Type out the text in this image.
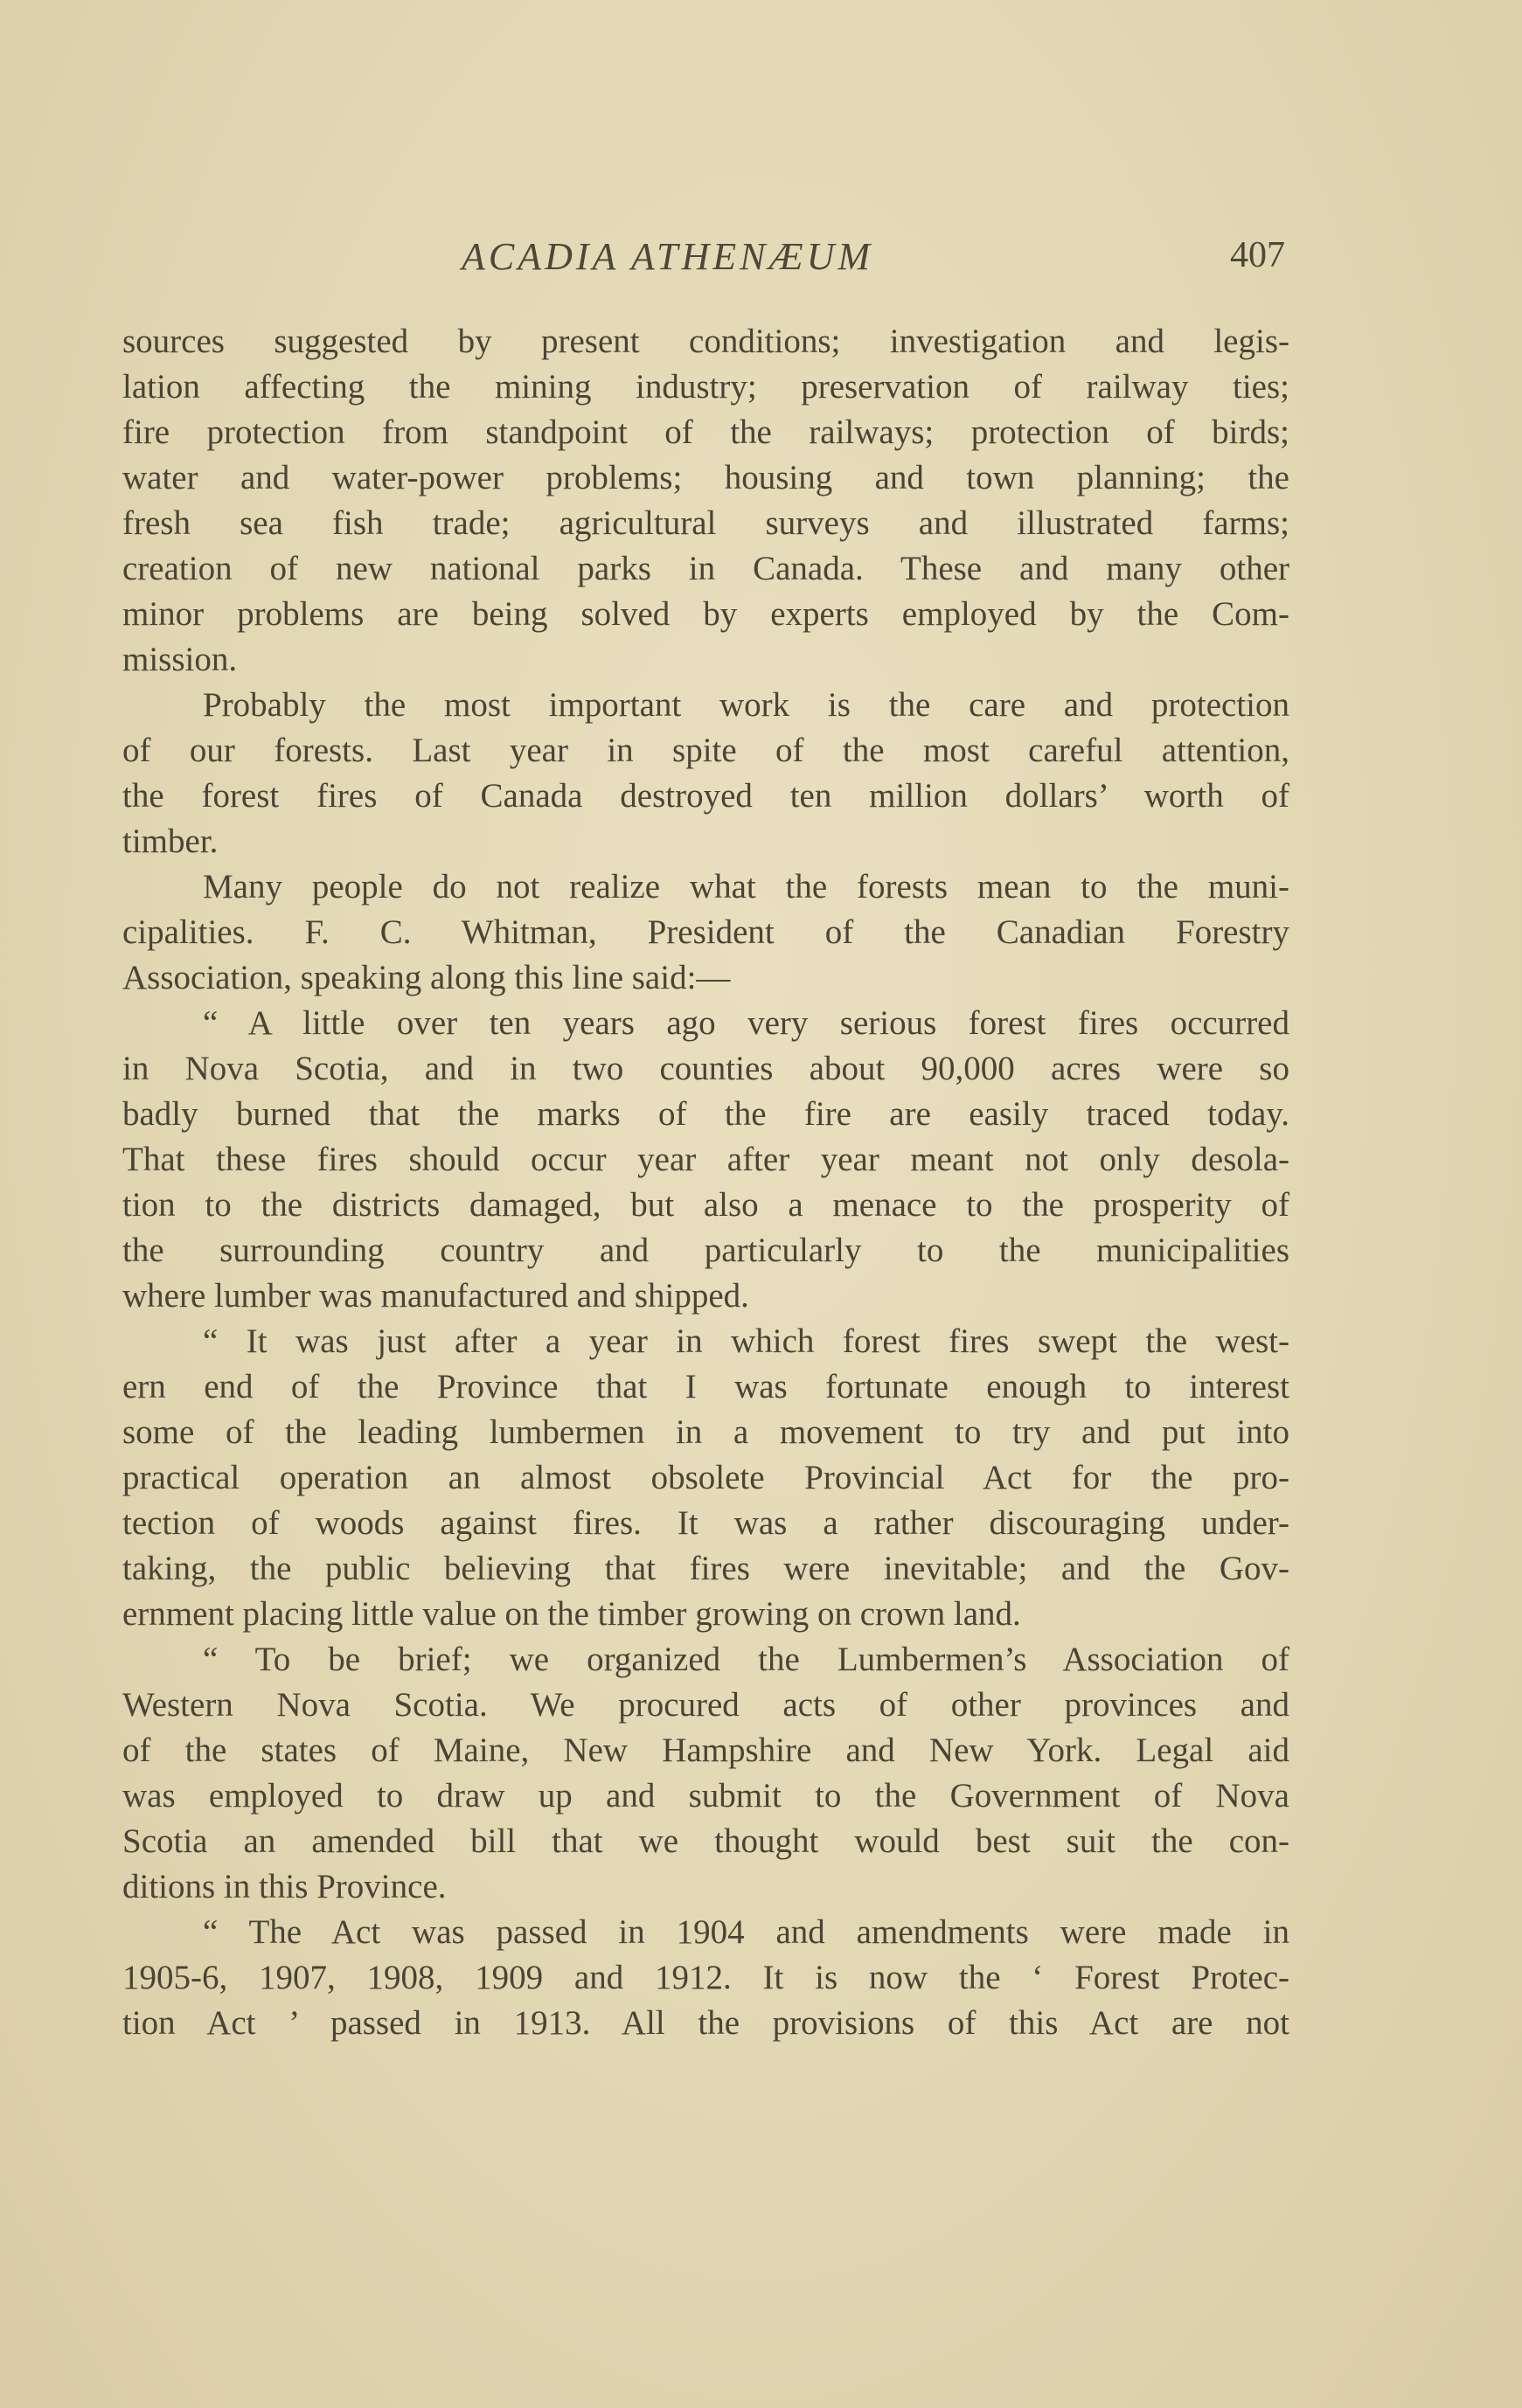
ACADIA ATHENÆUM	407
sources suggested by present conditions; investigation and legis-
lation affecting the mining industry; preservation of railway ties;
fire protection from standpoint of the railways; protection of birds;
water and water-power problems; housing and town planning; the
fresh sea fish trade; agricultural surveys and illustrated farms;
creation of new national parks in Canada. These and many other
minor problems are being solved by experts employed by the Com-
mission.
Probably the most important work is the care and protection
of our forests. Last year in spite of the most careful attention,
the forest fires of Canada destroyed ten million dollars’ worth of
timber.
Many people do not realize what the forests mean to the muni-
cipalities. F. C. Whitman, President of the Canadian Forestry
Association, speaking along this line said:—
“ A little over ten years ago very serious forest fires occurred
in Nova Scotia, and in two counties about 90,000 acres were so
badly burned that the marks of the fire are easily traced today.
That these fires should occur year after year meant not only desola-
tion to the districts damaged, but also a menace to the prosperity of
the surrounding country and particularly to the municipalities
where lumber was manufactured and shipped.
“ It was just after a year in which forest fires swept the west-
ern end of the Province that I was fortunate enough to interest
some of the leading lumbermen in a movement to try and put into
practical operation an almost obsolete Provincial Act for the pro-
tection of woods against fires. It was a rather discouraging under-
taking, the public believing that fires were inevitable; and the Gov-
ernment placing little value on the timber growing on crown land.
“ To be brief; we organized the Lumbermen’s Association of
Western Nova Scotia. We procured acts of other provinces and
of the states of Maine, New Hampshire and New York. Legal aid
was employed to draw up and submit to the Government of Nova
Scotia an amended bill that we thought would best suit the con-
ditions in this Province.
“ The Act was passed in 1904 and amendments were made in
1905-6, 1907, 1908, 1909 and 1912. It is now the ‘ Forest Protec-
tion Act ’ passed in 1913. All the provisions of this Act are not
